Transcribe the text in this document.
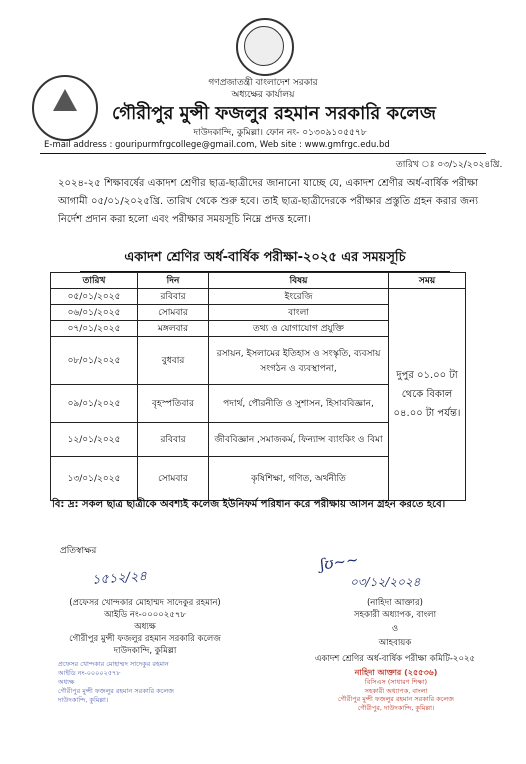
গণপ্রজাতন্ত্রী বাংলাদেশ সরকার
অধ্যক্ষের কার্যালয়
গৌরীপুর মুন্সী ফজলুর রহমান সরকারি কলেজ
দাউদকান্দি, কুমিল্লা। ফোন নং- ০১৩০৯১০৫৫৭৮
E-mail address : gouripurmfrgcollege@gmail.com, Web site : www.gmfrgc.edu.bd
তারিখ ঃ ০৩/১২/২০২৪খ্রি.
২০২৪-২৫ শিক্ষাবর্ষের একাদশ শ্রেণীর ছাত্র-ছাত্রীদের জানানো যাচ্ছে যে, একাদশ শ্রেণীর অর্ধ-বার্ষিক পরীক্ষা আগামী ০৫/০১/২০২৫খ্রি. তারিখ থেকে শুরু হবে। তাই ছাত্র-ছাত্রীদেরকে পরীক্ষার প্রস্তুতি গ্রহন করার জন্য নির্দেশ প্রদান করা হলো এবং পরীক্ষার সময়সূচি নিম্নে প্রদত্ত হলো।
একাদশ শ্রেণির অর্ধ-বার্ষিক পরীক্ষা-২০২৫ এর সময়সূচি
তারিখ	দিন	বিষয়	সময়
০৫/০১/২০২৫	রবিবার	ইংরেজি	দুপুর ০১.০০ টা থেকে বিকাল ০৪.০০ টা পর্যন্ত।
০৬/০১/২০২৫	সোমবার	বাংলা	
০৭/০১/২০২৫	মঙ্গলবার	তথ্য ও যোগাযোগ প্রযুক্তি	
০৮/০১/২০২৫	বুধবার	রসায়ন, ইসলামের ইতিহাস ও সংস্কৃতি, ব্যবসায় সংগঠন ও ব্যবস্থাপনা,	
০৯/০১/২০২৫	বৃহস্পতিবার	পদার্থ, পৌরনীতি ও সুশাসন, হিসাববিজ্ঞান,	
১২/০১/২০২৫	রবিবার	জীববিজ্ঞান ,সমাজকর্ম, ফিন্যান্স ব্যাংকিং ও বিমা	
১৩/০১/২০২৫	সোমবার	কৃষিশিক্ষা, গণিত, অর্থনীতি	
বি: দ্র: সকল ছাত্র ছাত্রীকে অবশ্যই কলেজ ইউনিফর্ম পরিধান করে পরীক্ষায় আসন গ্রহন করতে হবে।
প্রতিস্বাক্ষর
১৫১২/২৪
(প্রফেসর খোন্দকার মোহাম্মদ সাদেকুর রহমান)
আইডি নং-০০০০২৫৭৮
অধ্যক্ষ
গৌরীপুর মুন্সী ফজলুর রহমান সরকারি কলেজ
দাউদকান্দি, কুমিল্লা
প্রফেসর খোন্দকার মোহাম্মদ সাদেকুর রহমান
আইডি নং-০০০০২৫৭৮
অধ্যক্ষ
গৌরীপুর মুন্সী ফজলুর রহমান সরকারি কলেজ
দাউদকান্দি, কুমিল্লা।
ʃʊ~~
০৩/১২/২০২৪
(নাহিদা আক্তার)
সহকারী অধ্যাপক, বাংলা
ও
আহবায়ক
একাদশ শ্রেণির অর্ধ-বার্ষিক পরীক্ষা কমিটি-২০২৫
নাহিদা আক্তার (২৫৫৩৬)
বিসিএস (সাধারণ শিক্ষা)
সহকারী অধ্যাপক, বাংলা
গৌরীপুর মুন্সী ফজলুর রহমান সরকারি কলেজ
গৌরীপুর, দাউদকান্দি, কুমিল্লা।
